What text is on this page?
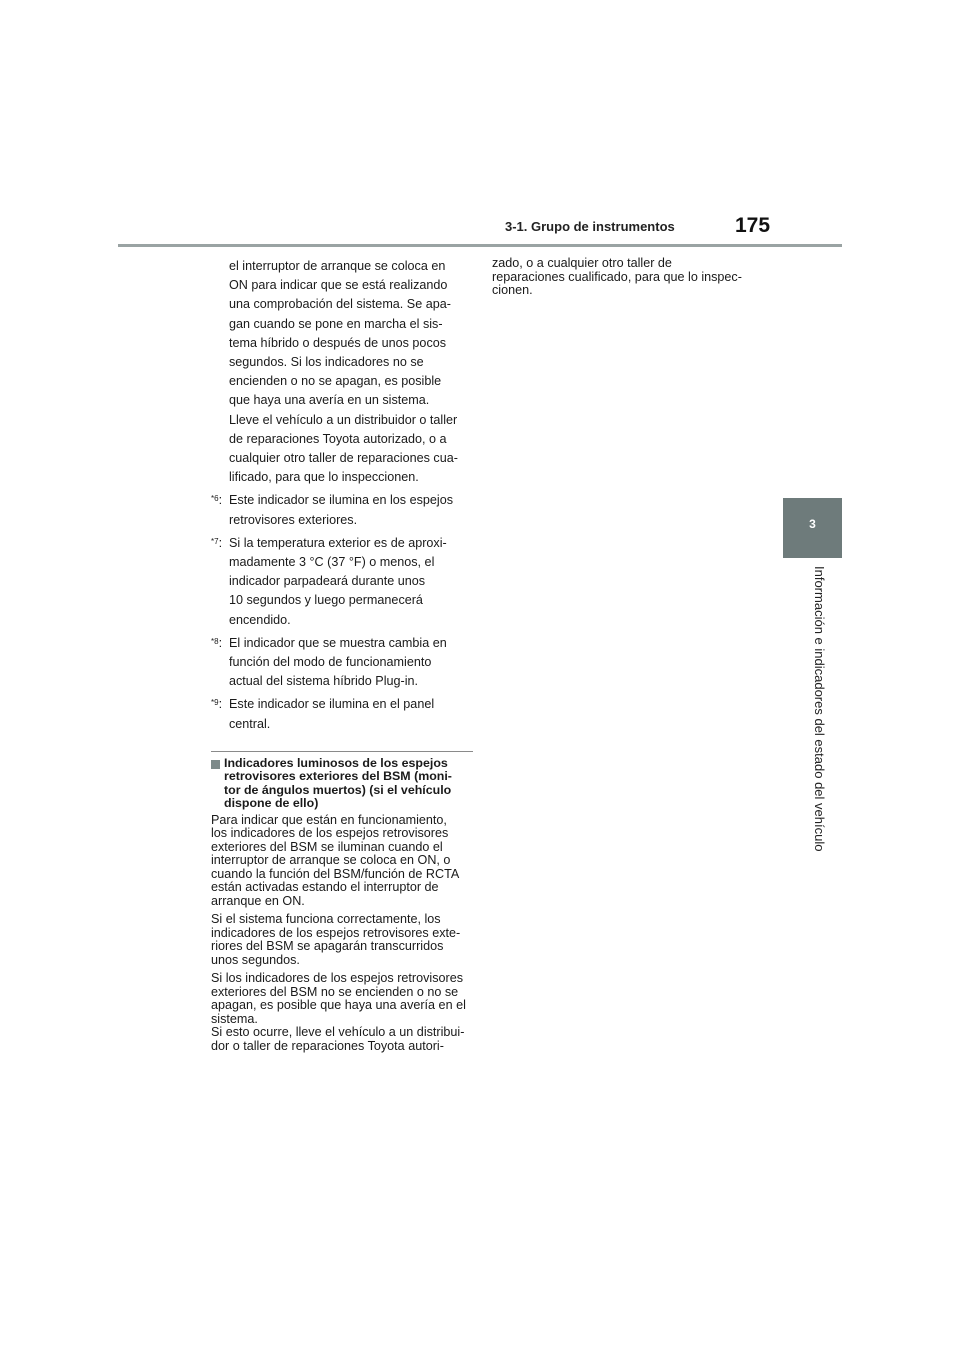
3-1. Grupo de instrumentos	175
3
Información e indicadores del estado del vehículo
el interruptor de arranque se coloca en
ON para indicar que se está realizando
una comprobación del sistema. Se apa-
gan cuando se pone en marcha el sis-
tema híbrido o después de unos pocos
segundos. Si los indicadores no se
encienden o no se apagan, es posible
que haya una avería en un sistema.
Lleve el vehículo a un distribuidor o taller
de reparaciones Toyota autorizado, o a
cualquier otro taller de reparaciones cua-
lificado, para que lo inspeccionen.
$^{*6}$: Este indicador se ilumina en los espejos
retrovisores exteriores.
$^{*7}$: Si la temperatura exterior es de aproxi-
madamente 3 °C (37 °F) o menos, el
indicador parpadeará durante unos
10 segundos y luego permanecerá
encendido.
$^{*8}$: El indicador que se muestra cambia en
función del modo de funcionamiento
actual del sistema híbrido Plug-in.
$^{*9}$: Este indicador se ilumina en el panel
central.
Indicadores luminosos de los espejos
retrovisores exteriores del BSM (moni-
tor de ángulos muertos) (si el vehículo
dispone de ello)
Para indicar que están en funcionamiento,
los indicadores de los espejos retrovisores
exteriores del BSM se iluminan cuando el
interruptor de arranque se coloca en ON, o
cuando la función del BSM/función de RCTA
están activadas estando el interruptor de
arranque en ON.
Si el sistema funciona correctamente, los
indicadores de los espejos retrovisores exte-
riores del BSM se apagarán transcurridos
unos segundos.
Si los indicadores de los espejos retrovisores
exteriores del BSM no se encienden o no se
apagan, es posible que haya una avería en el
sistema.
Si esto ocurre, lleve el vehículo a un distribui-
dor o taller de reparaciones Toyota autori-
zado, o a cualquier otro taller de
reparaciones cualificado, para que lo inspec-
cionen.
